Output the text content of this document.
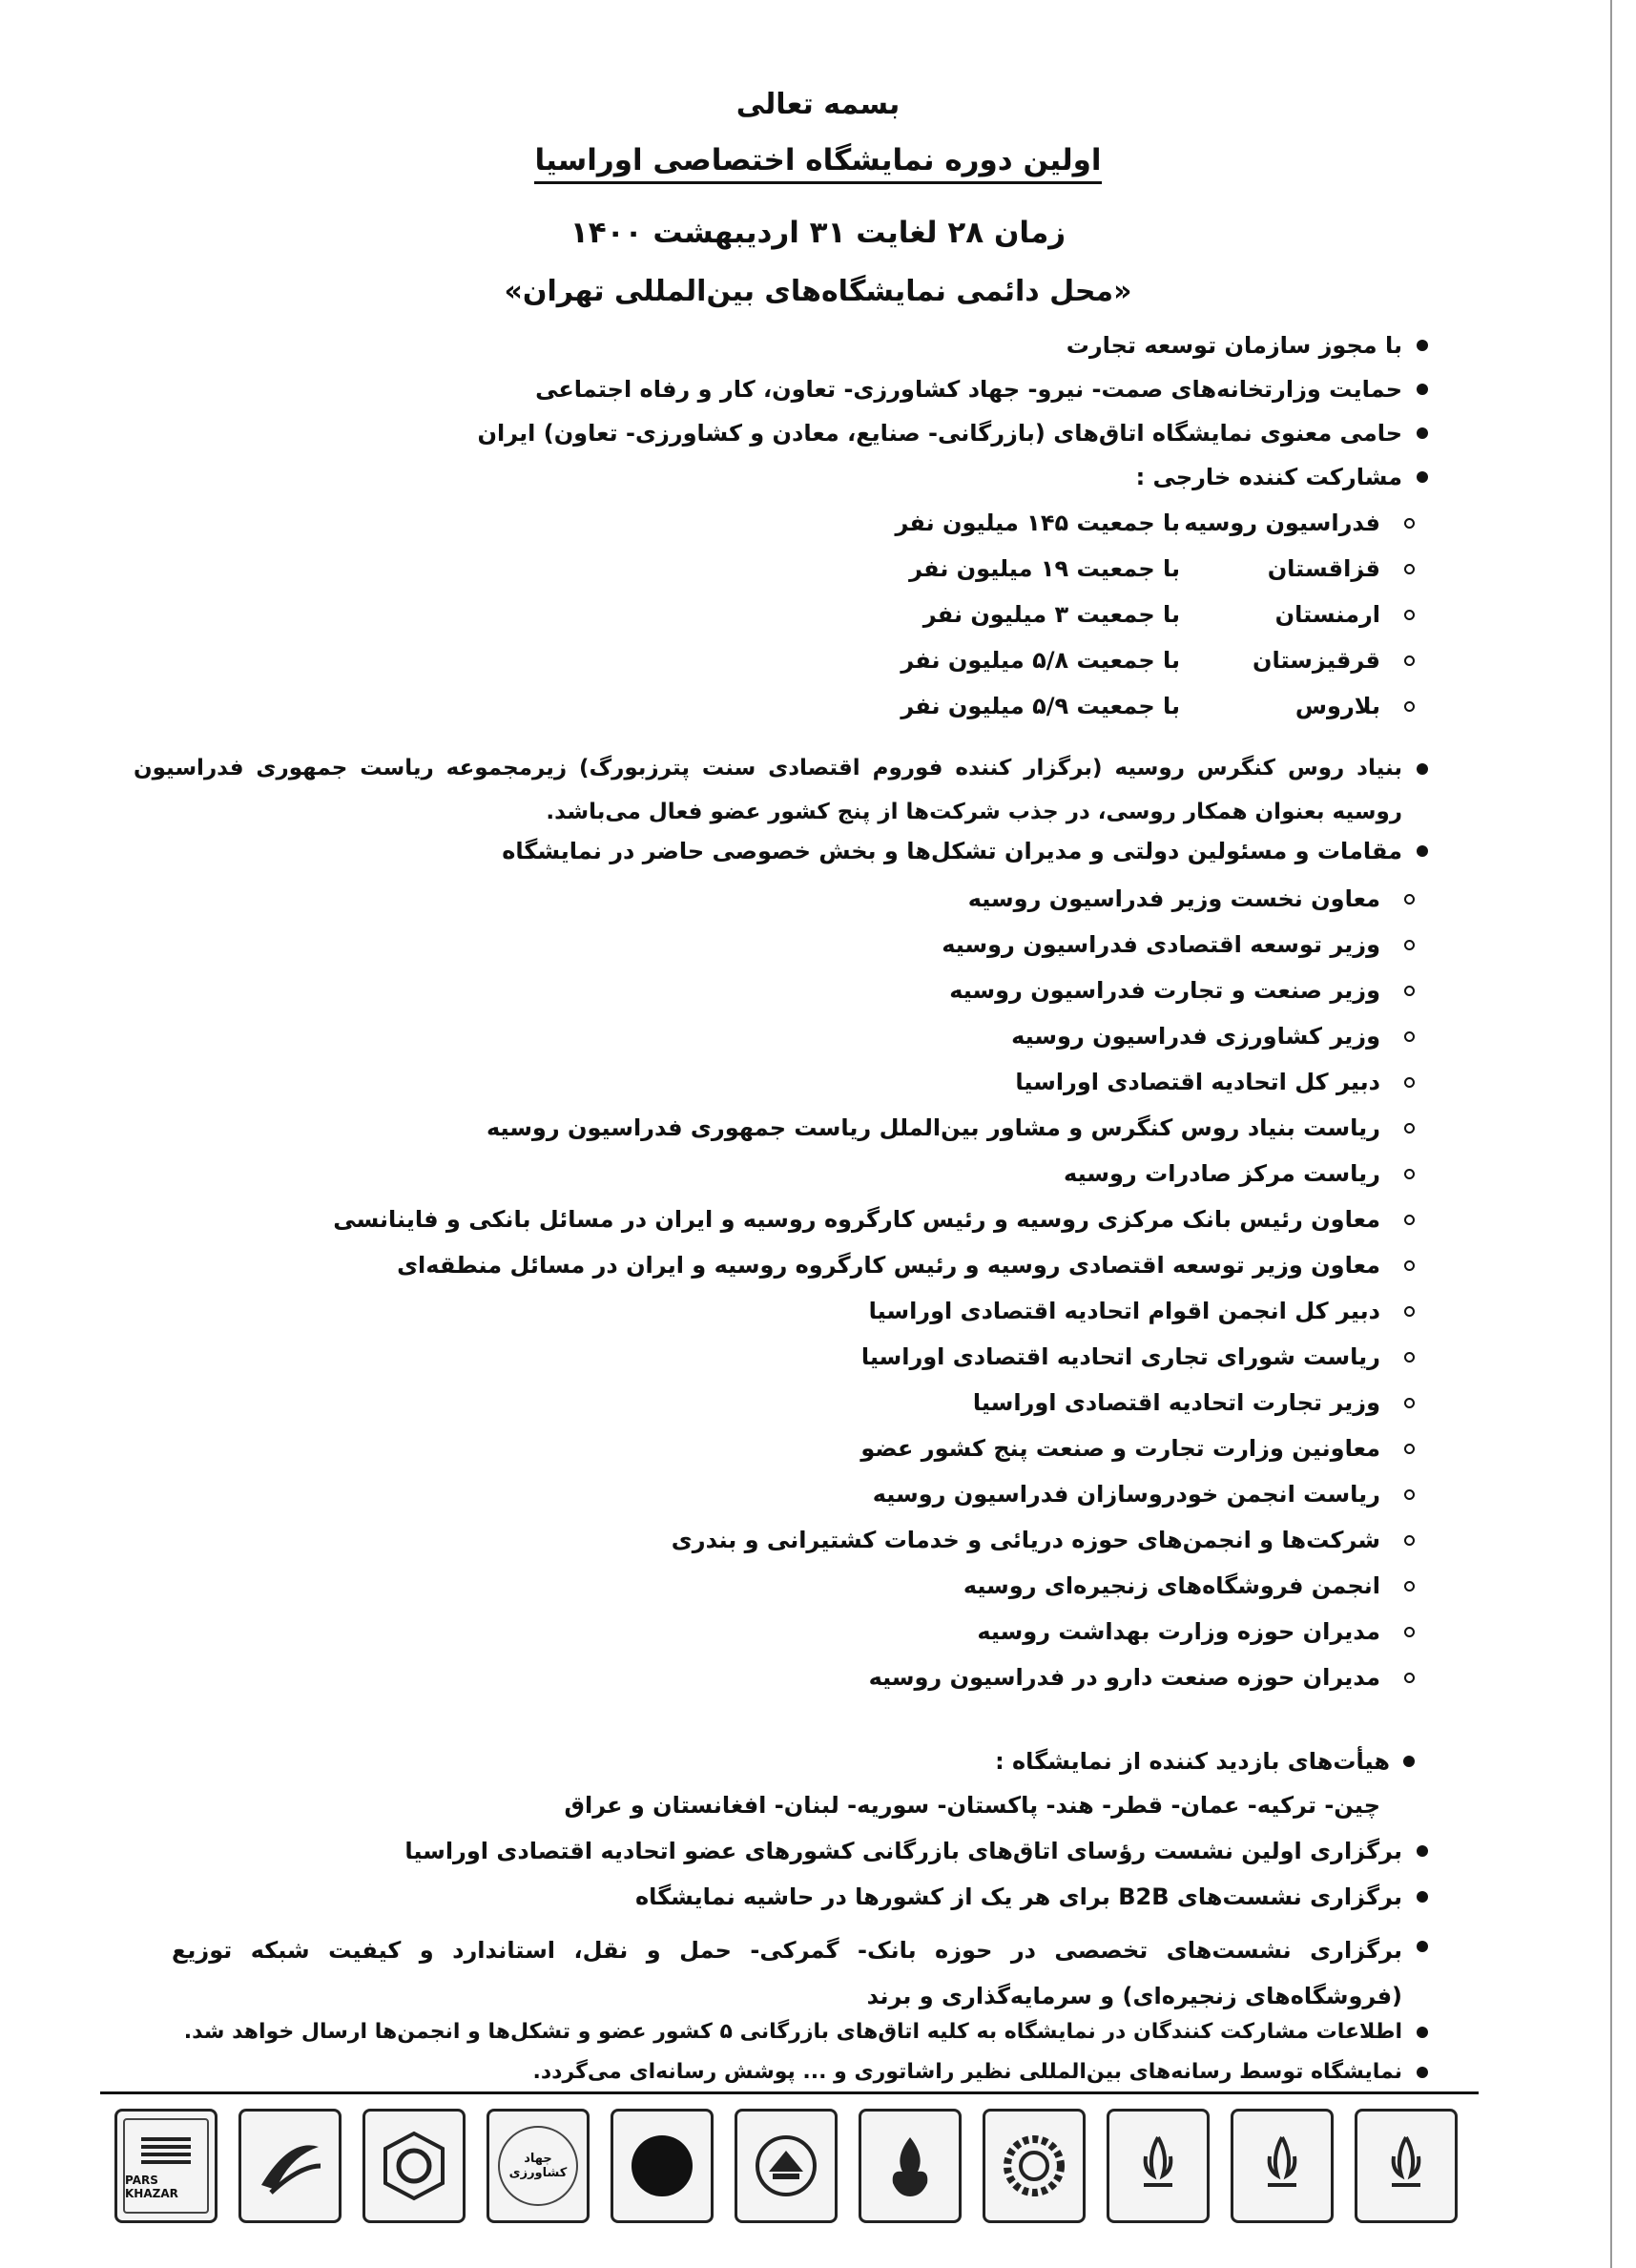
بسمه تعالی
اولین دوره نمایشگاه اختصاصی اوراسیا
زمان ۲۸ لغایت ۳۱ اردیبهشت ۱۴۰۰
«محل دائمی نمایشگاه‌های بین‌المللی تهران»
با مجوز سازمان توسعه تجارت
حمایت وزارتخانه‌های صمت- نیرو- جهاد کشاورزی- تعاون، کار و رفاه اجتماعی
حامی معنوی نمایشگاه اتاق‌های (بازرگانی- صنایع، معادن و کشاورزی- تعاون) ایران
مشارکت کننده خارجی :
فدراسیون روسیه
با جمعیت ۱۴۵ میلیون نفر
قزاقستان
با جمعیت ۱۹ میلیون نفر
ارمنستان
با جمعیت ۳ میلیون نفر
قرقیزستان
با جمعیت ۵/۸ میلیون نفر
بلاروس
با جمعیت ۵/۹ میلیون نفر
بنیاد روس کنگرس روسیه (برگزار کننده فوروم اقتصادی سنت پترزبورگ) زیرمجموعه ریاست جمهوری فدراسیون روسیه بعنوان همکار روسی، در جذب شرکت‌ها از پنج کشور عضو فعال می‌باشد.
مقامات و مسئولین دولتی و مدیران تشکل‌ها و بخش خصوصی حاضر در نمایشگاه
معاون نخست وزیر فدراسیون روسیه
وزیر توسعه اقتصادی فدراسیون روسیه
وزیر صنعت و تجارت فدراسیون روسیه
وزیر کشاورزی فدراسیون روسیه
دبیر کل اتحادیه اقتصادی اوراسیا
ریاست بنیاد روس کنگرس و مشاور بین‌الملل ریاست جمهوری فدراسیون روسیه
ریاست مرکز صادرات روسیه
معاون رئیس بانک مرکزی روسیه و رئیس کارگروه روسیه و ایران در مسائل بانکی و فاینانسی
معاون وزیر توسعه اقتصادی روسیه و رئیس کارگروه روسیه و ایران در مسائل منطقه‌ای
دبیر کل انجمن اقوام اتحادیه اقتصادی اوراسیا
ریاست شورای تجاری اتحادیه اقتصادی اوراسیا
وزیر تجارت اتحادیه اقتصادی اوراسیا
معاونین وزارت تجارت و صنعت پنج کشور عضو
ریاست انجمن خودروسازان فدراسیون روسیه
شرکت‌ها و انجمن‌های حوزه دریائی و خدمات کشتیرانی و بندری
انجمن فروشگاه‌های زنجیره‌ای روسیه
مدیران حوزه وزارت بهداشت روسیه
مدیران حوزه صنعت دارو در فدراسیون روسیه
هیأت‌های بازدید کننده از نمایشگاه :
چین- ترکیه- عمان- قطر- هند- پاکستان- سوریه- لبنان- افغانستان و عراق
برگزاری اولین نشست رؤسای اتاق‌های بازرگانی کشورهای عضو اتحادیه اقتصادی اوراسیا
برگزاری نشست‌های B2B برای هر یک از کشورها در حاشیه نمایشگاه
برگزاری نشست‌های تخصصی در حوزه بانک- گمرکی- حمل و نقل، استاندارد و کیفیت شبکه توزیع (فروشگاه‌های زنجیره‌ای) و سرمایه‌گذاری و برند
اطلاعات مشارکت کنندگان در نمایشگاه به کلیه اتاق‌های بازرگانی ۵ کشور عضو و تشکل‌ها و انجمن‌ها ارسال خواهد شد.
نمایشگاه توسط رسانه‌های بین‌المللی نظیر راشاتوری و ... پوشش رسانه‌ای می‌گردد.
PARS KHAZAR
جهاد کشاورزی
